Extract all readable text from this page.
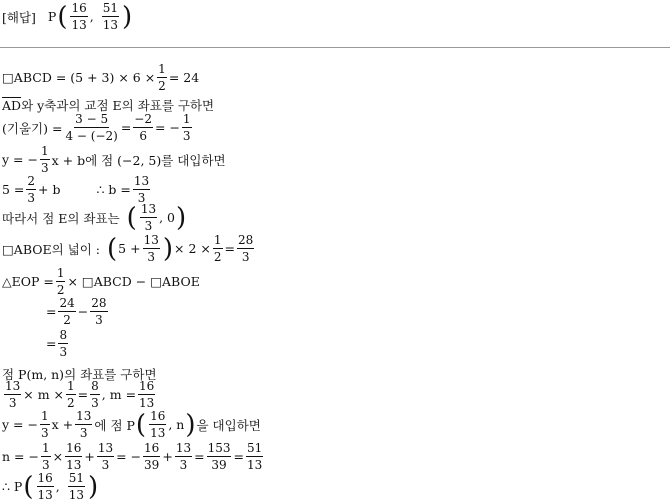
[해답] P ( $\frac{16}{13}$ , $\frac{51}{13}$ )
□ABCD = $(5 + 3) \times 6 \times \frac{1}{2} = 24$
$\overline{AD}$ 와 y축과의 교점 E의 좌표를 구하면
(기울기) = $\frac{3 - 5}{4 - (-2)} = \frac{-2}{6}$ = − $\frac{1}{3}$
y = − $\frac{1}{3}$ x + b에 점 (−2, 5)를 대입하면
$5 = \frac{2}{3} + b$	∴ $b = \frac{13}{3}$
따라서 점 E의 좌표는 ( $\frac{13}{3}$ , 0 )
□ABOE의 넓이 : ( $5 + \frac{13}{3}$ ) × $2 \times \frac{1}{2} = \frac{28}{3}$
△EOP = $\frac{1}{2}$ × □ABCD − □ABOE
= $\frac{24}{2} - \frac{28}{3}$
= $\frac{8}{3}$
점 P(m, n)의 좌표를 구하면
$\frac{13}{3} \times m \times \frac{1}{2} = \frac{8}{3}$ , $m = \frac{16}{13}$
y = − $\frac{1}{3}$ $x + \frac{13}{3}$ 에 점 P ( $\frac{16}{13}$ , n ) 을 대입하면
n = − $\frac{1}{3} \times \frac{16}{13} + \frac{13}{3}$ = − $\frac{16}{39} + \frac{13}{3} = \frac{153}{39} = \frac{51}{13}$
∴ P ( $\frac{16}{13}$ , $\frac{51}{13}$ )
